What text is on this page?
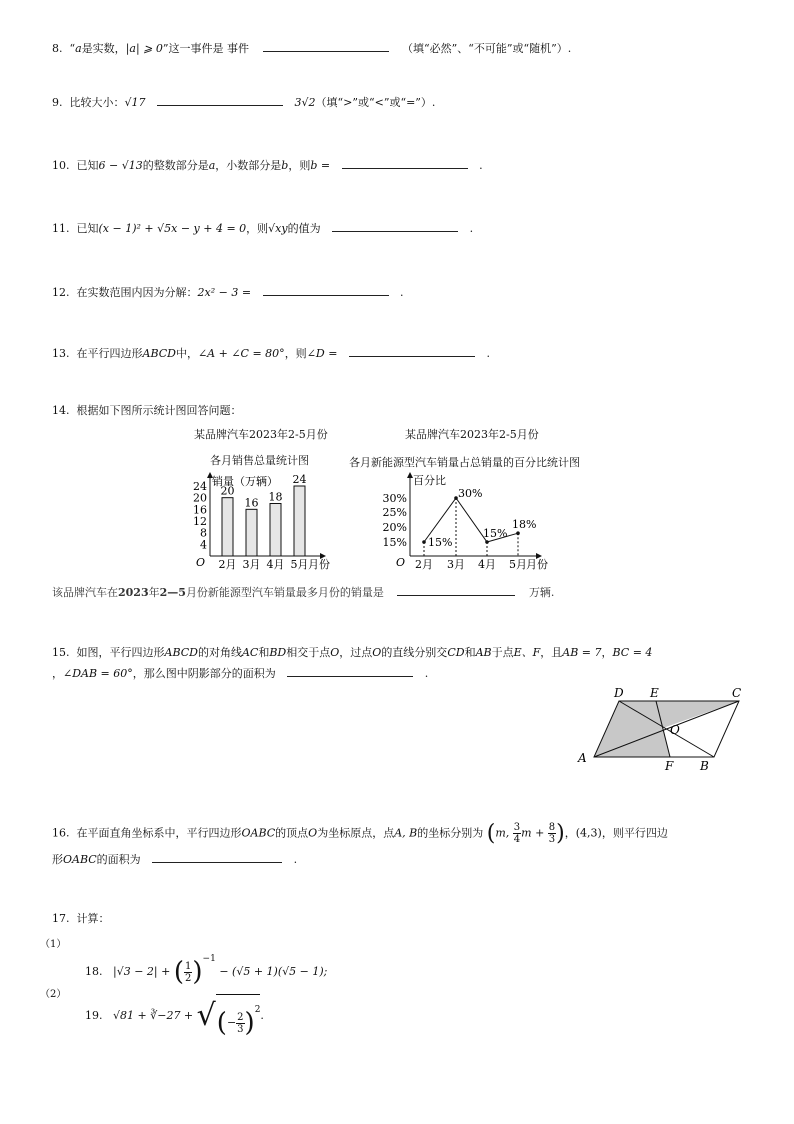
8. “a是实数，|a| ⩾ 0”这一事件是 事件	（填“必然”、“不可能”或“随机”）.
9. 比较大小：√17	3√2（填“>”或“<”或“=”）.
10. 已知6 − √13的整数部分是a，小数部分是b，则b =	.
11. 已知(x − 1)² + √5x − y + 4 = 0，则√xy的值为	.
12. 在实数范围内因为分解：2x² − 3 =	.
13. 在平行四边形ABCD中，∠A + ∠C = 80°，则∠D =	.
14. 根据如下图所示统计图回答问题：
某品牌汽车2023年2-5月份
各月销售总量统计图
某品牌汽车2023年2-5月份
各月新能源型汽车销量占总销量的百分比统计图
销量（万辆）
O	月份
4
8
12
16
20
24 20
2月
16
3月
18
4月
24
5月
百分比
O	月份
15%
20%
25%
30%
15%
2月
30%
3月
15%
4月
18%
5月
该品牌汽车在2023年2—5月份新能源型汽车销量最多月份的销量是	万辆.
15. 如图，平行四边形ABCD的对角线AC和BD相交于点O，过点O的直线分别交CD和AB于点E、F，且AB = 7，BC = 4
，∠DAB = 60°，那么图中阴影部分的面积为	.
D E	C
O
A
F B
16. 在平面直角坐标系中，平行四边形OABC的顶点O为坐标原点，点A, B的坐标分别为 (m, $\frac{3}{4}$ $m + \frac{8}{3}$ )，(4,3)，则平行四边
形OABC的面积为	.
17. 计算：
（1）
18. |√3 − 2| + ( $\frac{1}{2} )^{-1} - (√5 + 1)(√5 - 1)$;
（2）
19. √81 + ∛−27 + √(− $\frac{2}{3} )^2$.
